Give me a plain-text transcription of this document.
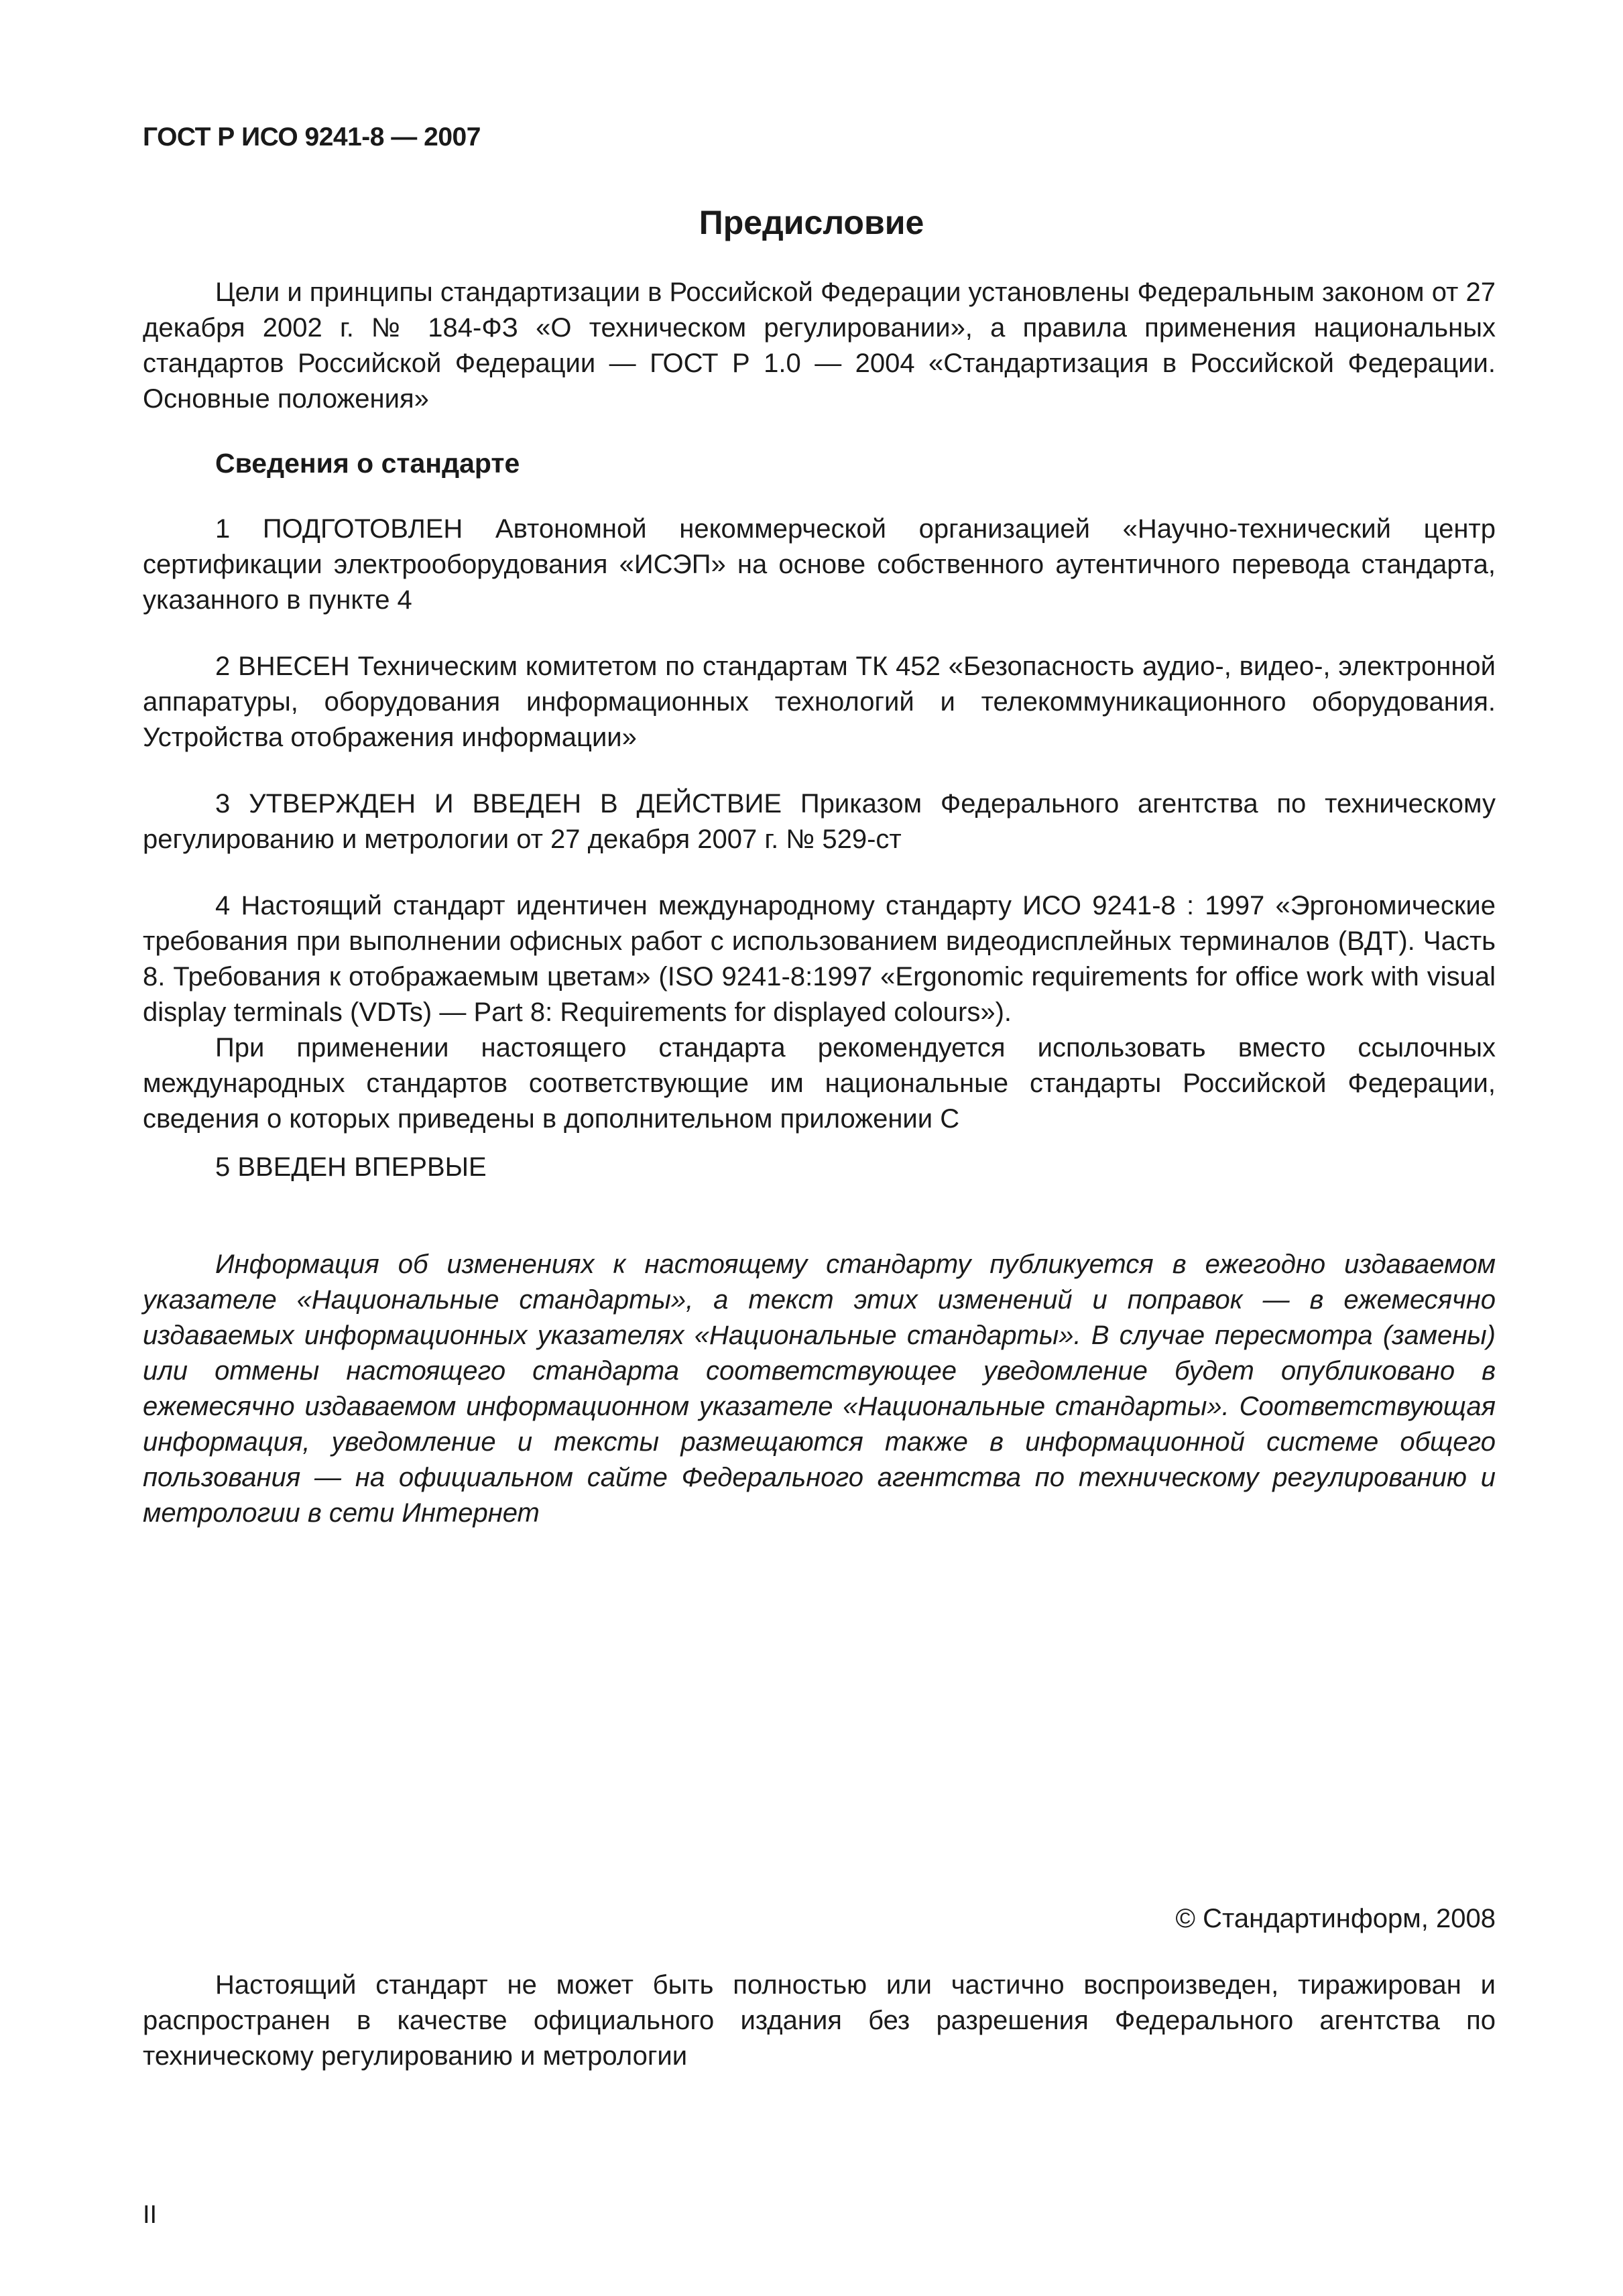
ГОСТ Р ИСО 9241-8 — 2007
Предисловие

Цели и принципы стандартизации в Российской Федерации установлены Федеральным законом от 27 декабря 2002 г. № 184-ФЗ «О техническом регулировании», а правила применения национальных стандартов Российской Федерации — ГОСТ Р 1.0 — 2004 «Стандартизация в Российской Федерации. Основные положения»

Сведения о стандарте

1 ПОДГОТОВЛЕН Автономной некоммерческой организацией «Научно-технический центр сертификации электрооборудования «ИСЭП» на основе собственного аутентичного перевода стандарта, указанного в пункте 4

2 ВНЕСЕН Техническим комитетом по стандартам ТК 452 «Безопасность аудио-, видео-, электронной аппаратуры, оборудования информационных технологий и телекоммуникационного оборудования. Устройства отображения информации»

3 УТВЕРЖДЕН И ВВЕДЕН В ДЕЙСТВИЕ Приказом Федерального агентства по техническому регулированию и метрологии от 27 декабря 2007 г. № 529-ст

4 Настоящий стандарт идентичен международному стандарту ИСО 9241-8 : 1997 «Эргономические требования при выполнении офисных работ с использованием видеодисплейных терминалов (ВДТ). Часть 8. Требования к отображаемым цветам» (ISO 9241-8:1997 «Ergonomic requirements for office work with visual display terminals (VDTs) — Part 8: Requirements for displayed colours»).

При применении настоящего стандарта рекомендуется использовать вместо ссылочных международных стандартов соответствующие им национальные стандарты Российской Федерации, сведения о которых приведены в дополнительном приложении С

5 ВВЕДЕН ВПЕРВЫЕ

Информация об изменениях к настоящему стандарту публикуется в ежегодно издаваемом указателе «Национальные стандарты», а текст этих изменений и поправок — в ежемесячно издаваемых информационных указателях «Национальные стандарты». В случае пересмотра (замены) или отмены настоящего стандарта соответствующее уведомление будет опубликовано в ежемесячно издаваемом информационном указателе «Национальные стандарты». Соответствующая информация, уведомление и тексты размещаются также в информационной системе общего пользования — на официальном сайте Федерального агентства по техническому регулированию и метрологии в сети Интернет

© Стандартинформ, 2008

Настоящий стандарт не может быть полностью или частично воспроизведен, тиражирован и распространен в качестве официального издания без разрешения Федерального агентства по техническому регулированию и метрологии

II
